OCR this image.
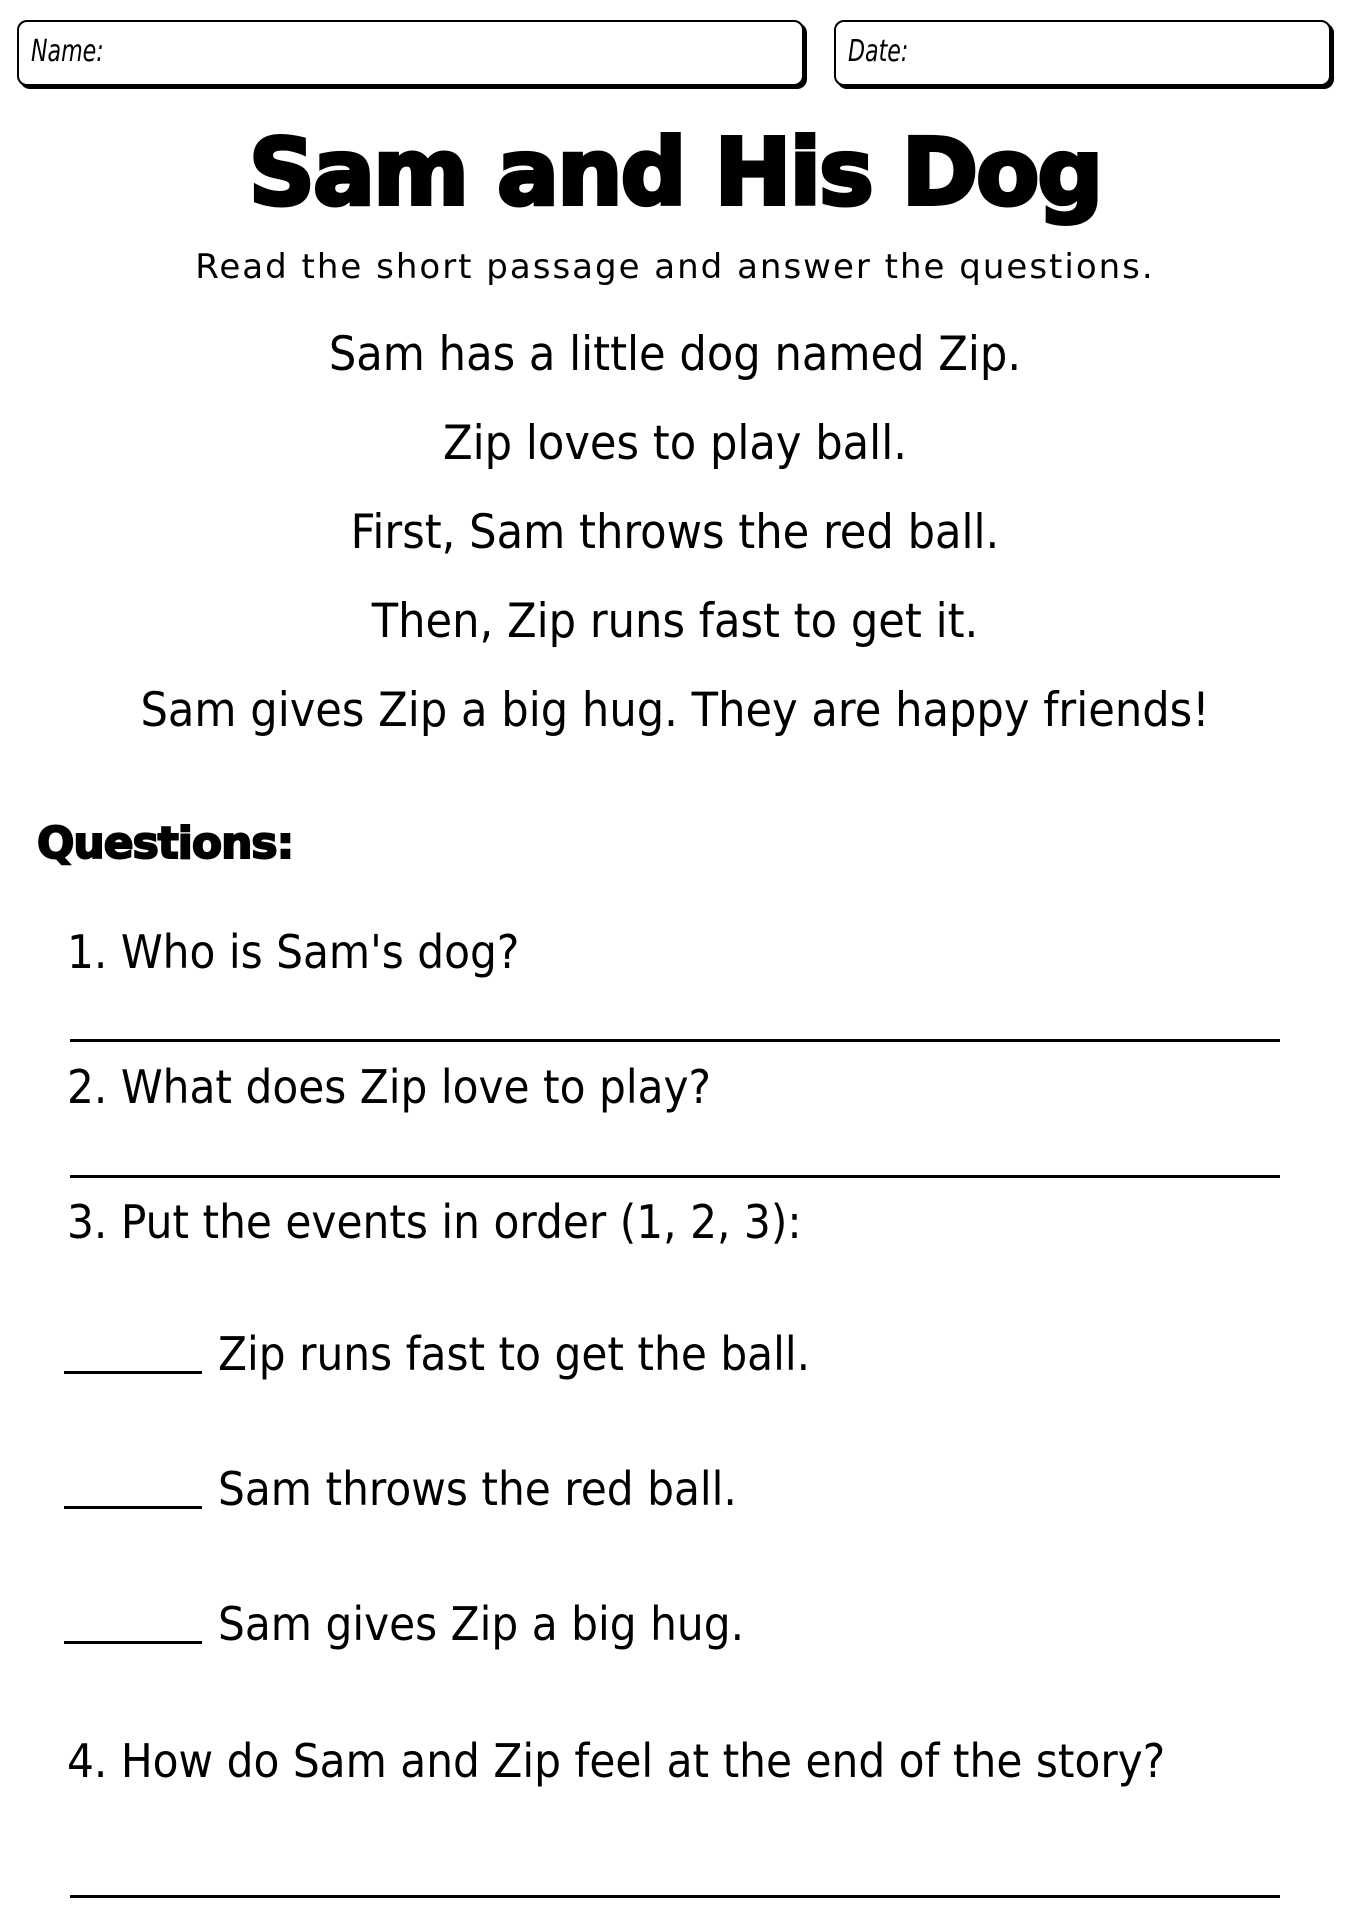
Name:	Date:
Sam and His Dog
Read the short passage and answer the questions.
Sam has a little dog named Zip.
Zip loves to play ball.
First, Sam throws the red ball.
Then, Zip runs fast to get it.
Sam gives Zip a big hug. They are happy friends!
Questions:
1. Who is Sam's dog?
2. What does Zip love to play?
3. Put the events in order (1, 2, 3):
Zip runs fast to get the ball.
Sam throws the red ball.
Sam gives Zip a big hug.
4. How do Sam and Zip feel at the end of the story?
